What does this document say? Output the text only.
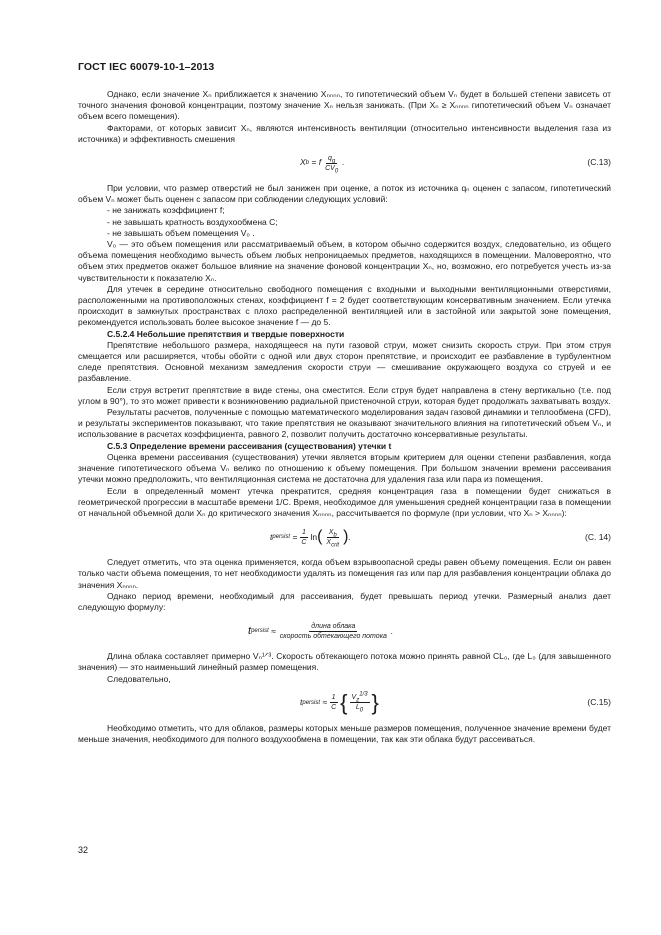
ГОСТ IEC 60079-10-1–2013

Однако, если значение Xₙ приближается к значению Xₙₙₙₙ, то гипотетический объем Vₙ будет в большей степени зависеть от точного значения фоновой концентрации, поэтому значение Xₙ нельзя занижать. (При Xₙ ≥ Xₙₙₙₙ гипотетический объем Vₙ означает объем всего помещения).

Факторами, от которых зависит Xₙ, являются интенсивность вентиляции (относительно интенсивности выделения газа из источника) и эффективность смешения

X b
=
f $\frac{q_g}{CV_0}$ .	(С.13)

При условии, что размер отверстий не был занижен при оценке, а поток из источника qₙ оценен с запасом, гипотетический объем Vₙ может быть оценен с запасом при соблюдении следующих условий:

- не занижать коэффициент f;

- не завышать кратность воздухообмена С;

- не завышать объем помещения V₀ .

V₀ — это объем помещения или рассматриваемый объем, в котором обычно содержится воздух, следовательно, из общего объема помещения необходимо вычесть объем любых непроницаемых предметов, находящихся в помещении. Маловероятно, что объем этих предметов окажет большое влияние на значение фоновой концентрации Xₙ, но, возможно, его потребуется учесть из-за чувствительности к показателю Xₙ.

Для утечек в середине относительно свободного помещения с входными и выходными вентиляционными отверстиями, расположенными на противоположных стенах, коэффициент f = 2 будет соответствующим консервативным значением. Если утечка происходит в замкнутых пространствах с плохо распределенной вентиляцией или в застойной или закрытой зоне помещения, рекомендуется использовать более высокое значение f — до 5.

С.5.2.4 Небольшие препятствия и твердые поверхности

Препятствие небольшого размера, находящееся на пути газовой струи, может снизить скорость струи. При этом струя смещается или расширяется, чтобы обойти с одной или двух сторон препятствие, и происходит ее разбавление в турбулентном следе препятствия. Основной механизм замедления скорости струи — смешивание окружающего воздуха со струей и ее разбавление.

Если струя встретит препятствие в виде стены, она сместится. Если струя будет направлена в стену вертикально (т.е. под углом в 90°), то это может привести к возникновению радиальной пристеночной струи, которая будет продолжать захватывать воздух.

Результаты расчетов, полученные с помощью математического моделирования задач газовой динамики и теплообмена (CFD), и результаты экспериментов показывают, что такие препятствия не оказывают значительного влияния на гипотетический объем Vₙ, и использование в расчетах коэффициента, равного 2, позволит получить достаточно консервативные результаты.

С.5.3 Определение времени рассеивания (существования) утечки t

Оценка времени рассеивания (существования) утечки является вторым критерием для оценки степени разбавления, когда значение гипотетического объема Vₙ велико по отношению к объему помещения. При большом значении времени рассеивания утечки можно предположить, что вентиляционная система не достаточна для удаления газа или пара из помещения.

Если в определенный момент утечка прекратится, средняя концентрация газа в помещении будет снижаться в геометрической прогрессии в масштабе времени 1/С. Время, необходимое для уменьшения средней концентрации газа в помещении от начальной объемной доли Xₙ до критического значения Xₙₙₙₙ, рассчитывается по формуле (при условии, что Xₙ > Xₙₙₙₙ):

t persist
= $\frac{1}{C}$ ln ( $\frac{X_b}{X_{crit}}$ ) .	(С. 14)

Следует отметить, что эта оценка применяется, когда объем взрывоопасной среды равен объему помещения. Если он равен только части объема помещения, то нет необходимости удалять из помещения газ или пар для разбавления концентрации облака до значения Xₙₙₙₙ.

Однако период времени, необходимый для рассеивания, будет превышать период утечки. Размерный анализ дает следующую формулу:

t persist
≈ $\frac{\text{длина облака}}{\text{скорость обтекающего потока}}$ .

Длина облака составляет примерно Vₙ¹ᐟ³. Скорость обтекающего потока можно принять равной CL₀, где L₀ (для завышенного значения) — это наименьший линейный размер помещения.

Следовательно,

t persist
≈ $\frac{1}{C}$ { $\frac{V_z^{1/3}}{L_0}$ }	(С.15)

Необходимо отметить, что для облаков, размеры которых меньше размеров помещения, полученное значение времени будет меньше значения, необходимого для полного воздухообмена в помещении, так как эти облака будут рассеиваться.

32
